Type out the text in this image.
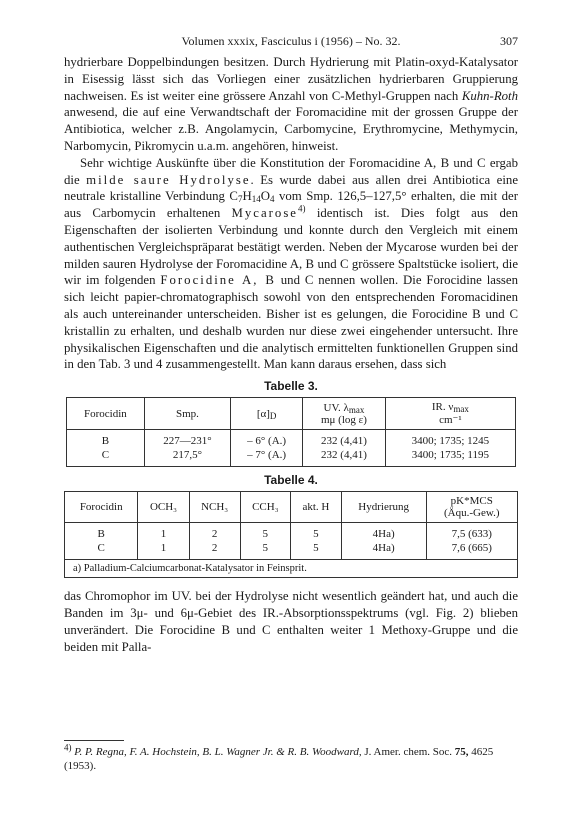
Volumen xxxix, Fasciculus i (1956) – No. 32.	307

hydrierbare Doppelbindungen besitzen. Durch Hydrierung mit Platin-oxyd-Katalysator in Eisessig lässt sich das Vorliegen einer zusätzlichen hydrierbaren Gruppierung nachweisen. Es ist weiter eine grössere Anzahl von C-Methyl-Gruppen nach Kuhn-Roth anwesend, die auf eine Verwandtschaft der Foromacidine mit der grossen Gruppe der Antibiotica, welcher z.B. Angolamycin, Carbomycine, Erythromycine, Methymycin, Narbomycin, Pikromycin u.a.m. angehören, hinweist.

Sehr wichtige Auskünfte über die Konstitution der Foromacidine A, B und C ergab die milde saure Hydrolyse. Es wurde dabei aus allen drei Antibiotica eine neutrale kristalline Verbindung $C_7H_{14}O_4$ vom Smp. 126,5–127,5° erhalten, die mit der aus Carbomycin erhaltenen Mycarose$^{4)}$ identisch ist. Dies folgt aus den Eigenschaften der isolierten Verbindung und konnte durch den Vergleich mit einem authentischen Vergleichspräparat bestätigt werden. Neben der Mycarose wurden bei der milden sauren Hydrolyse der Foromacidine A, B und C grössere Spaltstücke isoliert, die wir im folgenden Forocidine A, B und C nennen wollen. Die Forocidine lassen sich leicht papier-chromatographisch sowohl von den entsprechenden Foromacidinen als auch untereinander unterscheiden. Bisher ist es gelungen, die Forocidine B und C kristallin zu erhalten, und deshalb wurden nur diese zwei eingehender untersucht. Ihre physikalischen Eigenschaften und die analytisch ermittelten funktionellen Gruppen sind in den Tab. 3 und 4 zusammengestellt. Man kann daraus ersehen, dass sich

Tabelle 3.
Forocidin	Smp.	$[\alpha]_D$	UV. $\lambda_{max}$
mμ (log ε)	IR. $\nu_{max}$
cm⁻¹

B	227—231°	– 6° (A.)	232 (4,41)	3400; 1735; 1245
C	217,5°	– 7° (A.)	232 (4,41)	3400; 1735; 1195

Tabelle 4.
Forocidin	OCH₃	NCH₃	CCH₃	akt. H	Hydrierung	pK*MCS
(Äqu.-Gew.)

B	1	2	5	5	4Ha)	7,5 (633)
C	1	2	5	5	4Ha)	7,6 (665)

a) Palladium-Calciumcarbonat-Katalysator in Feinsprit.						

das Chromophor im UV. bei der Hydrolyse nicht wesentlich geändert hat, und auch die Banden im 3μ- und 6μ-Gebiet des IR.-Absorptionsspektrums (vgl. Fig. 2) blieben unverändert. Die Forocidine B und C enthalten weiter 1 Methoxy-Gruppe und die beiden mit Palla-

$^{4)}$ P. P. Regna, F. A. Hochstein, B. L. Wagner Jr. & R. B. Woodward, J. Amer. chem. Soc. 75, 4625 (1953).
